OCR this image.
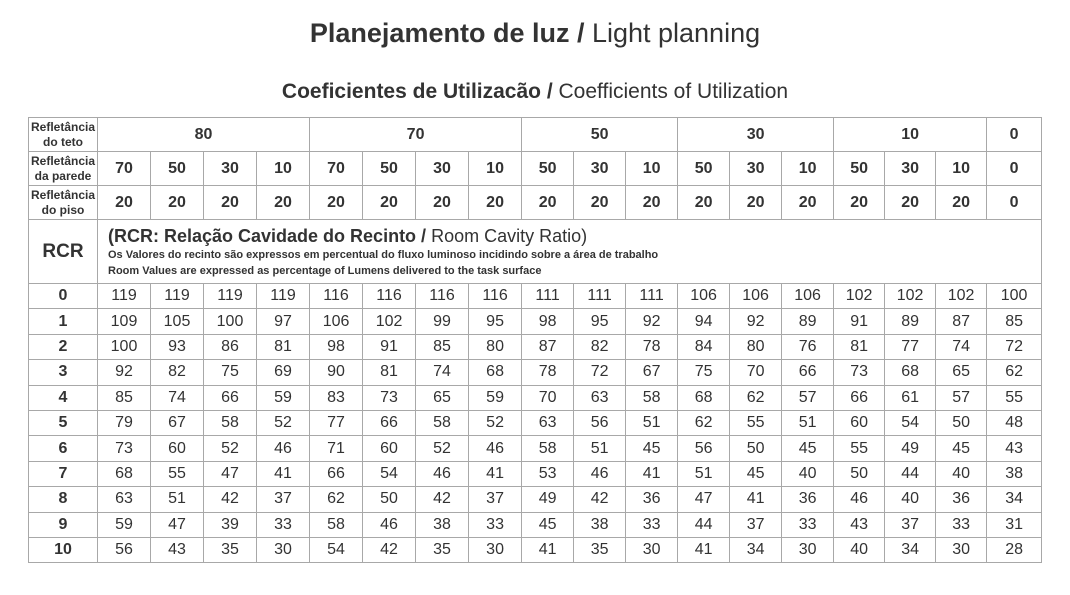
Planejamento de luz / Light planning
Coeficientes de Utilizacão / Coefficients of Utilization
Refletância
do teto	80				70				50			30			10			0
Refletância
da parede	70	50	30	10	70	50	30	10	50	30	10	50	30	10	50	30	10	0
Refletância
do piso	20	20	20	20	20	20	20	20	20	20	20	20	20	20	20	20	20	0
RCR	(RCR: Relação Cavidade do Recinto / Room Cavity Ratio)
Os Valores do recinto são expressos em percentual do fluxo luminoso incidindo sobre a área de trabalho
Room Values are expressed as percentage of Lumens delivered to the task surface																	

0	119	119	119	119	116	116	116	116	111	111	111	106	106	106	102	102	102	100
1	109	105	100	97	106	102	99	95	98	95	92	94	92	89	91	89	87	85
2	100	93	86	81	98	91	85	80	87	82	78	84	80	76	81	77	74	72
3	92	82	75	69	90	81	74	68	78	72	67	75	70	66	73	68	65	62
4	85	74	66	59	83	73	65	59	70	63	58	68	62	57	66	61	57	55
5	79	67	58	52	77	66	58	52	63	56	51	62	55	51	60	54	50	48
6	73	60	52	46	71	60	52	46	58	51	45	56	50	45	55	49	45	43
7	68	55	47	41	66	54	46	41	53	46	41	51	45	40	50	44	40	38
8	63	51	42	37	62	50	42	37	49	42	36	47	41	36	46	40	36	34
9	59	47	39	33	58	46	38	33	45	38	33	44	37	33	43	37	33	31
10	56	43	35	30	54	42	35	30	41	35	30	41	34	30	40	34	30	28
